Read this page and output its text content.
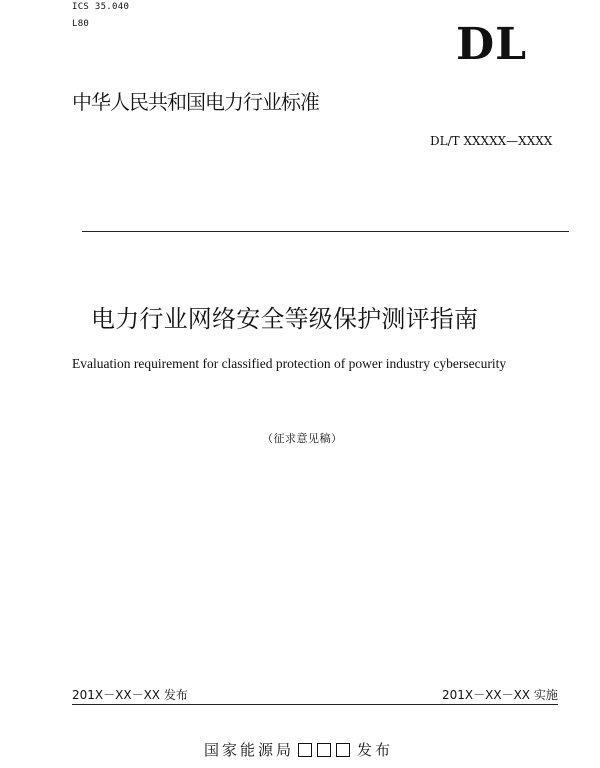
ICS 35.040
L80	DL
中华人民共和国电力行业标准
DL/T XXXXX—XXXX
电力行业网络安全等级保护测评指南
Evaluation requirement for classified protection of power industry cybersecurity
（征求意见稿）
201X－XX－XX 发布	201X－XX－XX 实施
国家能源局	发布
